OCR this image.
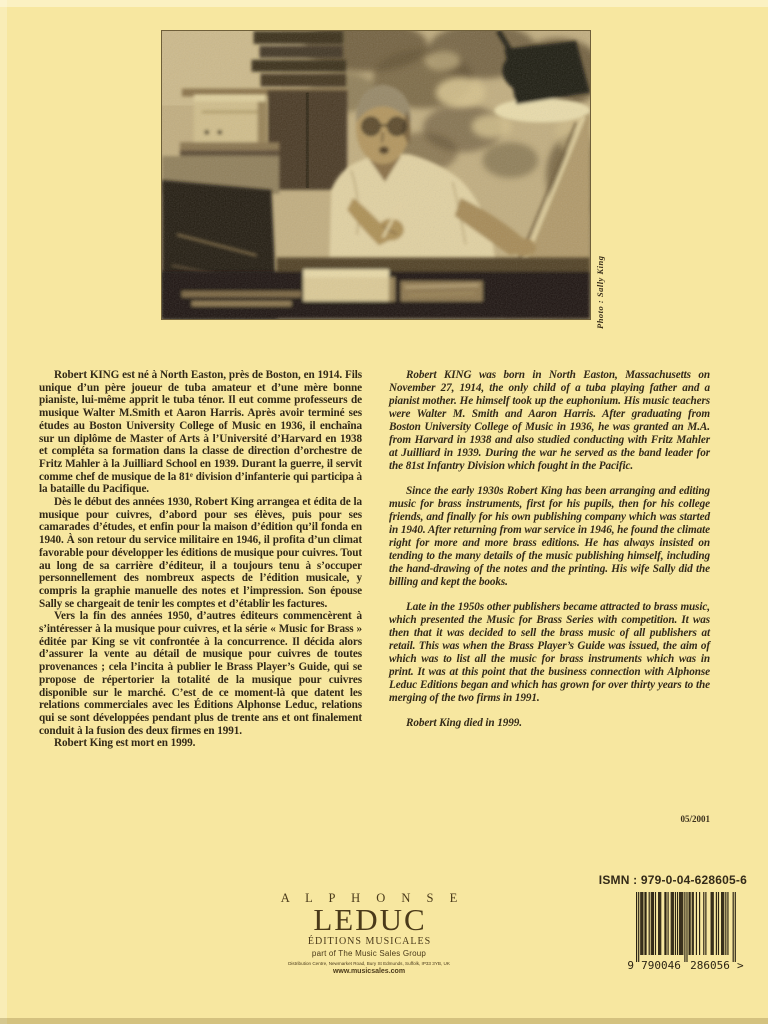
Photo : Sally King

Robert KING est né à North Easton, près de Boston, en 1914. Fils unique d’un père joueur de tuba amateur et d’une mère bonne pianiste, lui-même apprit le tuba ténor. Il eut comme professeurs de musique Walter M.Smith et Aaron Harris. Après avoir terminé ses études au Boston University College of Music en 1936, il enchaîna sur un diplôme de Master of Arts à l’Université d’Harvard en 1938 et compléta sa formation dans la classe de direction d’orchestre de Fritz Mahler à la Juilliard School en 1939. Durant la guerre, il servit comme chef de musique de la 81ᵉ division d’infanterie qui participa à la bataille du Pacifique.

Dès le début des années 1930, Robert King arrangea et édita de la musique pour cuivres, d’abord pour ses élèves, puis pour ses camarades d’études, et enfin pour la maison d’édition qu’il fonda en 1940. À son retour du service militaire en 1946, il profita d’un climat favorable pour développer les éditions de musique pour cuivres. Tout au long de sa carrière d’éditeur, il a toujours tenu à s’occuper personnellement des nombreux aspects de l’édition musicale, y compris la graphie manuelle des notes et l’impression. Son épouse Sally se chargeait de tenir les comptes et d’établir les factures.

Vers la fin des années 1950, d’autres éditeurs commencèrent à s’intéresser à la musique pour cuivres, et la série « Music for Brass » éditée par King se vit confrontée à la concurrence. Il décida alors d’assurer la vente au détail de musique pour cuivres de toutes provenances ; cela l’incita à publier le Brass Player’s Guide, qui se propose de répertorier la totalité de la musique pour cuivres disponible sur le marché. C’est de ce moment-là que datent les relations commerciales avec les Éditions Alphonse Leduc, relations qui se sont développées pendant plus de trente ans et ont finalement conduit à la fusion des deux firmes en 1991.

Robert King est mort en 1999.

Robert KING was born in North Easton, Massachusetts on November 27, 1914, the only child of a tuba playing father and a pianist mother. He himself took up the euphonium. His music teachers were Walter M. Smith and Aaron Harris. After graduating from Boston University College of Music in 1936, he was granted an M.A. from Harvard in 1938 and also studied conducting with Fritz Mahler at Juilliard in 1939. During the war he served as the band leader for the 81st Infantry Division which fought in the Pacific.

Since the early 1930s Robert King has been arranging and editing music for brass instruments, first for his pupils, then for his college friends, and finally for his own publishing company which was started in 1940. After returning from war service in 1946, he found the climate right for more and more brass editions. He has always insisted on tending to the many details of the music publishing himself, including the hand-drawing of the notes and the printing. His wife Sally did the billing and kept the books.

Late in the 1950s other publishers became attracted to brass music, which presented the Music for Brass Series with competition. It was then that it was decided to sell the brass music of all publishers at retail. This was when the Brass Player’s Guide was issued, the aim of which was to list all the music for brass instruments which was in print. It was at this point that the business connection with Alphonse Leduc Editions began and which has grown for over thirty years to the merging of the two firms in 1991.

Robert King died in 1999.

05/2001
A L P H O N S E
LEDUC
ÉDITIONS MUSICALES
part of The Music Sales Group
Distribution Centre, Newmarket Road, Bury St Edmunds, Suffolk, IP33 3YB, UK
www.musicsales.com
ISMN : 979-0-04-628605-6
9 790046 286056 >
